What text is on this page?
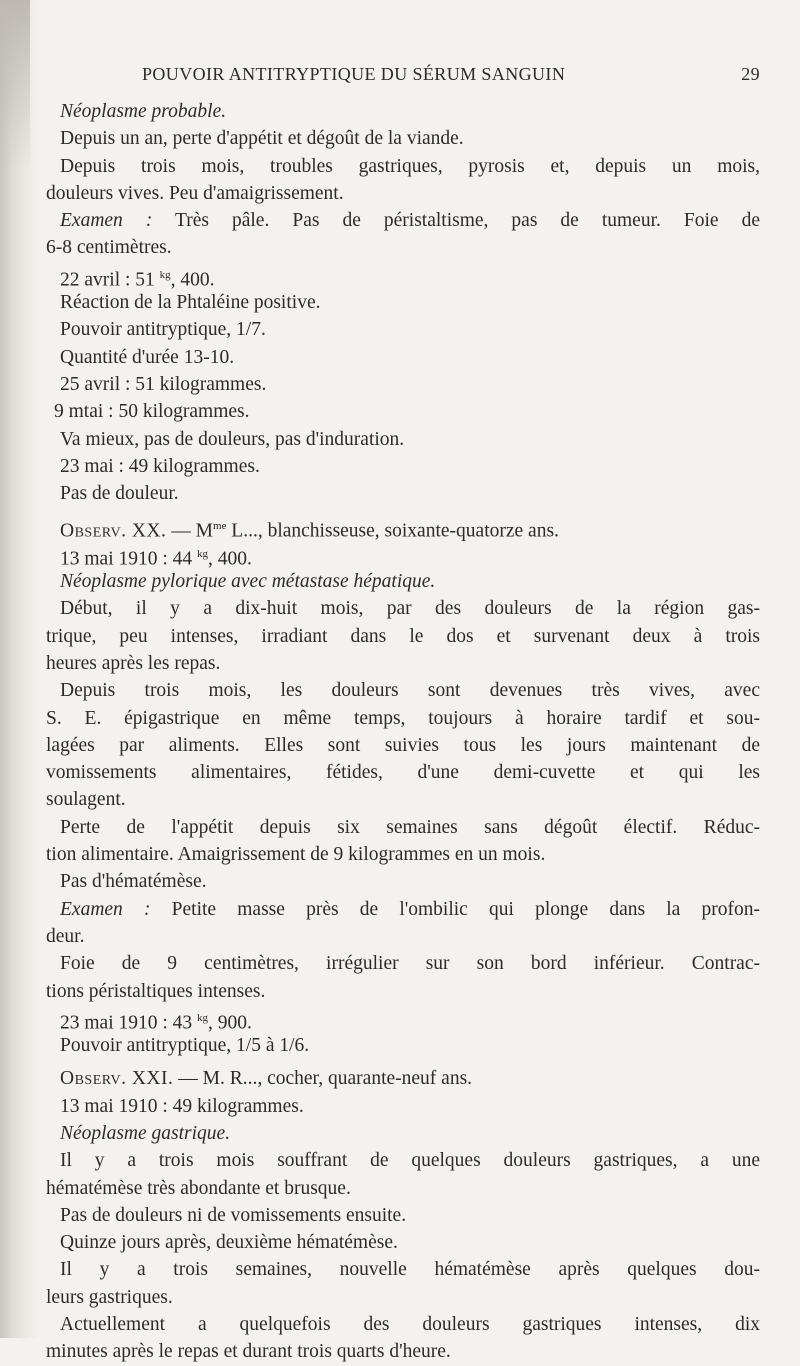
POUVOIR ANTITRYPTIQUE DU SÉRUM SANGUIN	29
Néoplasme probable.
Depuis un an, perte d'appétit et dégoût de la viande.
Depuis trois mois, troubles gastriques, pyrosis et, depuis un mois,
douleurs vives. Peu d'amaigrissement.
Examen : Très pâle. Pas de péristaltisme, pas de tumeur. Foie de
6-8 centimètres.
22 avril : 51 $^{kg}$, 400.
Réaction de la Phtaléine positive.
Pouvoir antitryptique, 1/7.
Quantité d'urée 13-10.
25 avril : 51 kilogrammes.
9 mtai : 50 kilogrammes.
Va mieux, pas de douleurs, pas d'induration.
23 mai : 49 kilogrammes.
Pas de douleur.
Observ. XX. — $M^{me}$ L..., blanchisseuse, soixante-quatorze ans.
13 mai 1910 : 44 $^{kg}$, 400.
Néoplasme pylorique avec métastase hépatique.
Début, il y a dix-huit mois, par des douleurs de la région gas-
trique, peu intenses, irradiant dans le dos et survenant deux à trois
heures après les repas.
Depuis trois mois, les douleurs sont devenues très vives, avec
S. E. épigastrique en même temps, toujours à horaire tardif et sou-
lagées par aliments. Elles sont suivies tous les jours maintenant de
vomissements alimentaires, fétides, d'une demi-cuvette et qui les
soulagent.
Perte de l'appétit depuis six semaines sans dégoût électif. Réduc-
tion alimentaire. Amaigrissement de 9 kilogrammes en un mois.
Pas d'hématémèse.
Examen : Petite masse près de l'ombilic qui plonge dans la profon-
deur.
Foie de 9 centimètres, irrégulier sur son bord inférieur. Contrac-
tions péristaltiques intenses.
23 mai 1910 : 43 $^{kg}$, 900.
Pouvoir antitryptique, 1/5 à 1/6.
Observ. XXI. — M. R..., cocher, quarante-neuf ans.
13 mai 1910 : 49 kilogrammes.
Néoplasme gastrique.
Il y a trois mois souffrant de quelques douleurs gastriques, a une
hématémèse très abondante et brusque.
Pas de douleurs ni de vomissements ensuite.
Quinze jours après, deuxième hématémèse.
Il y a trois semaines, nouvelle hématémèse après quelques dou-
leurs gastriques.
Actuellement a quelquefois des douleurs gastriques intenses, dix
minutes après le repas et durant trois quarts d'heure.
